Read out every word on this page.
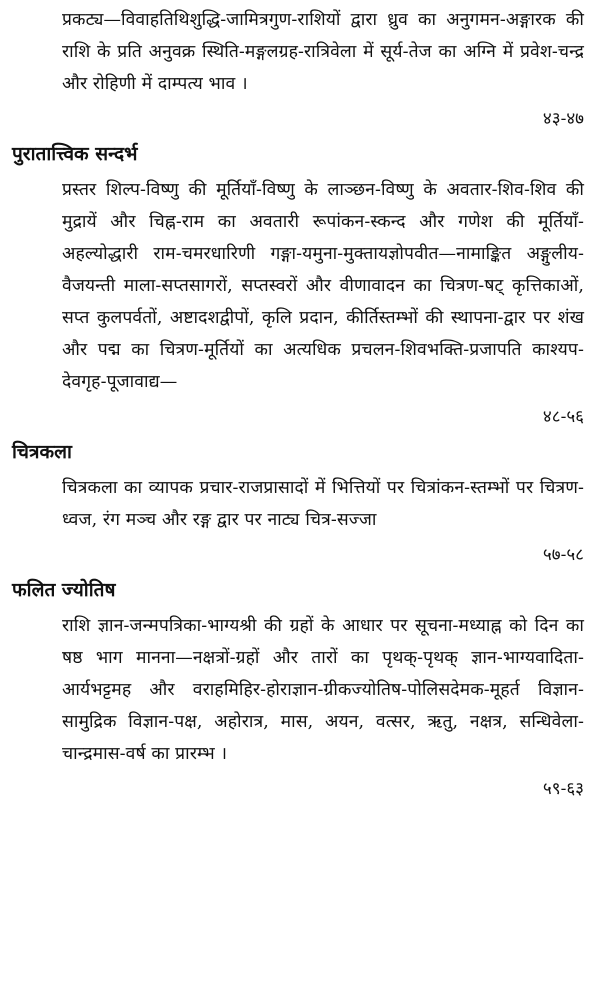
प्रकट्य—विवाहतिथिशुद्धि-जामित्रगुण-राशियों द्वारा ध्रुव का अनुगमन-अङ्गारक की राशि के प्रति अनुवक्र स्थिति-मङ्गलग्रह-रात्रिवेला में सूर्य-तेज का अग्नि में प्रवेश-चन्द्र और रोहिणी में दाम्पत्य भाव ।

४३-४७
पुरातात्त्विक सन्दर्भ

प्रस्तर शिल्प-विष्णु की मूर्तियाँ-विष्णु के लाञ्छन-विष्णु के अवतार-शिव-शिव की मुद्रायें और चिह्न-राम का अवतारी रूपांकन-स्कन्द और गणेश की मूर्तियाँ-अहल्योद्धारी राम-चमरधारिणी गङ्गा-यमुना-मुक्तायज्ञोपवीत—नामाङ्कित अङ्गुलीय- वैजयन्ती माला-सप्तसागरों, सप्तस्वरों और वीणावादन का चित्रण-षट् कृत्तिकाओं, सप्त कुलपर्वतों, अष्टादशद्वीपों, कृलि प्रदान, कीर्तिस्तम्भों की स्थापना-द्वार पर शंख और पद्म का चित्रण-मूर्तियों का अत्यधिक प्रचलन-शिवभक्ति-प्रजापति काश्यप-देवगृह-पूजावाद्य—

४८-५६
चित्रकला

चित्रकला का व्यापक प्रचार-राजप्रासादों में भित्तियों पर चित्रांकन-स्तम्भों पर चित्रण-ध्वज, रंग मञ्च और रङ्ग द्वार पर नाट्य चित्र-सज्जा

५७-५८
फलित ज्योतिष

राशि ज्ञान-जन्मपत्रिका-भाग्यश्री की ग्रहों के आधार पर सूचना-मध्याह्न को दिन का षष्ठ भाग मानना—नक्षत्रों-ग्रहों और तारों का पृथक्-पृथक् ज्ञान-भाग्यवादिता-आर्यभट्टमह और वराहमिहिर-होराज्ञान-ग्रीकज्योतिष-पोलिसदेमक-मूहर्त विज्ञान-सामुद्रिक विज्ञान-पक्ष, अहोरात्र, मास, अयन, वत्सर, ऋतु, नक्षत्र, सन्धिवेला-चान्द्रमास-वर्ष का प्रारम्भ ।

५९-६३
